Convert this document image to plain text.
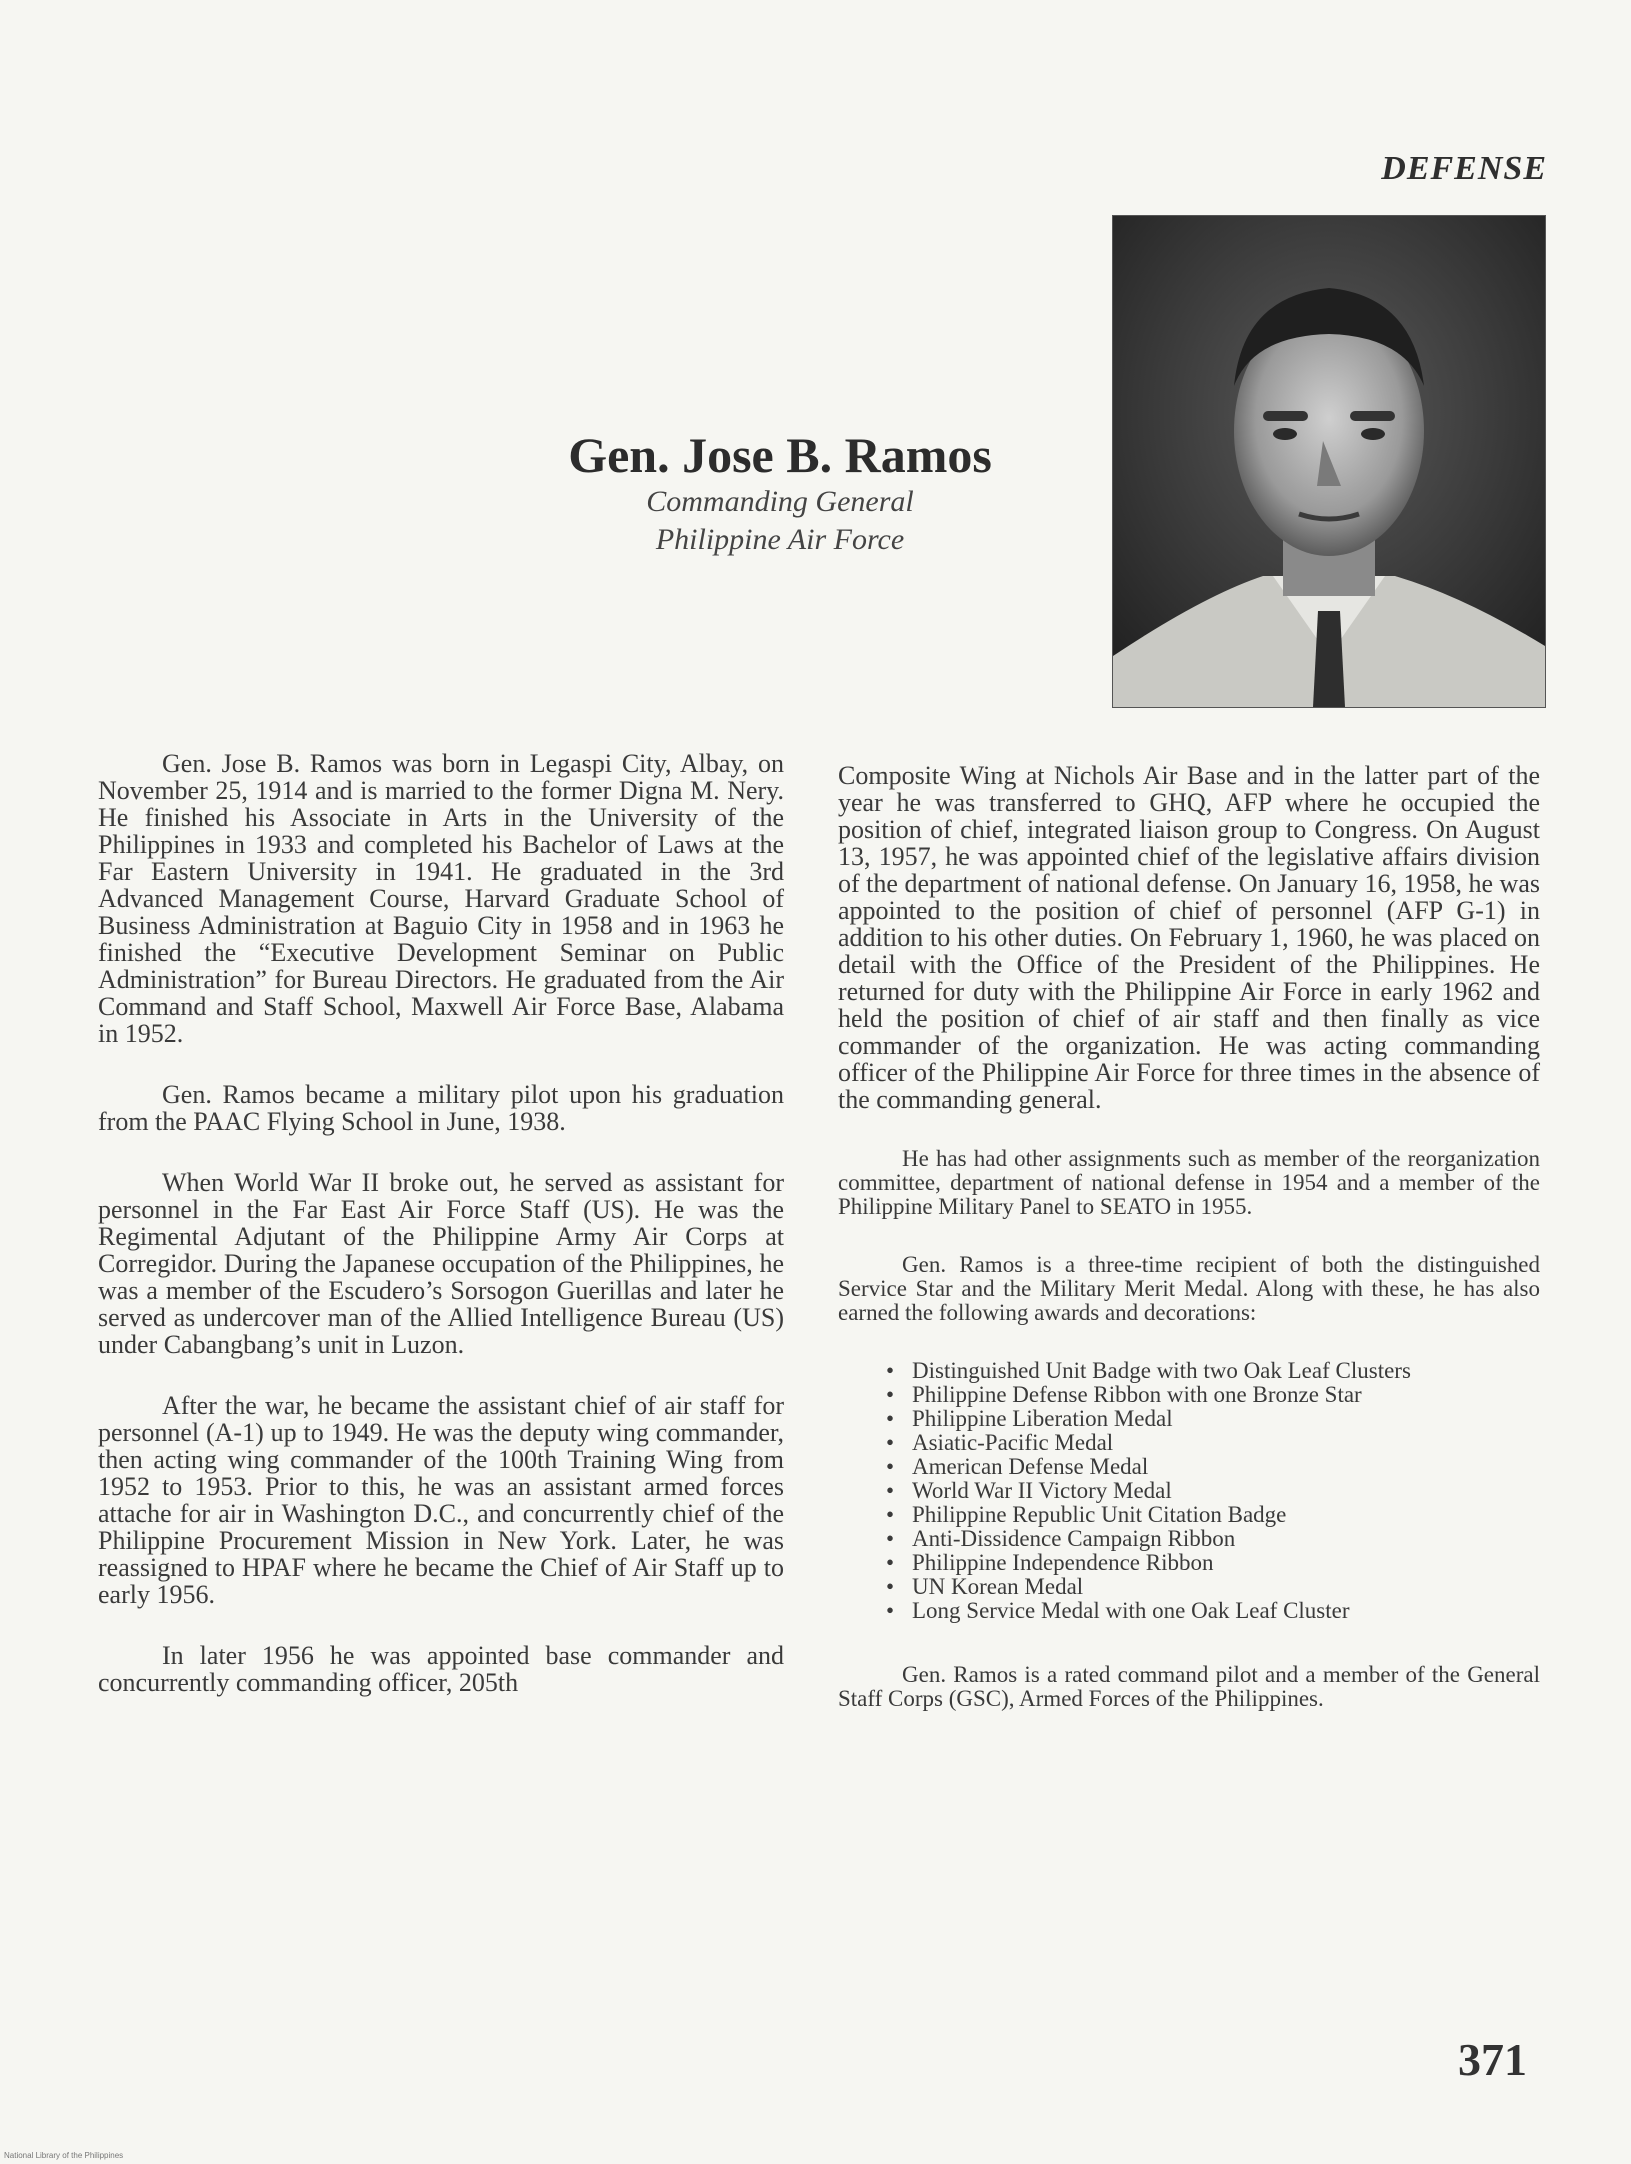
DEFENSE
Gen. Jose B. Ramos
Commanding General
Philippine Air Force

Gen. Jose B. Ramos was born in Legaspi City, Albay, on November 25, 1914 and is married to the former Digna M. Nery. He finished his Associate in Arts in the University of the Philippines in 1933 and completed his Bachelor of Laws at the Far Eastern University in 1941. He graduated in the 3rd Advanced Management Course, Harvard Graduate School of Business Administration at Baguio City in 1958 and in 1963 he finished the “Executive Development Seminar on Public Administration” for Bureau Directors. He graduated from the Air Command and Staff School, Maxwell Air Force Base, Alabama in 1952.

Gen. Ramos became a military pilot upon his graduation from the PAAC Flying School in June, 1938.

When World War II broke out, he served as assistant for personnel in the Far East Air Force Staff (US). He was the Regimental Adjutant of the Philippine Army Air Corps at Corregidor. During the Japanese occupation of the Philippines, he was a member of the Escudero’s Sorsogon Guerillas and later he served as undercover man of the Allied Intelligence Bureau (US) under Cabangbang’s unit in Luzon.

After the war, he became the assistant chief of air staff for personnel (A-1) up to 1949. He was the deputy wing commander, then acting wing commander of the 100th Training Wing from 1952 to 1953. Prior to this, he was an assistant armed forces attache for air in Washington D.C., and concurrently chief of the Philippine Procurement Mission in New York. Later, he was reassigned to HPAF where he became the Chief of Air Staff up to early 1956.

In later 1956 he was appointed base commander and concurrently commanding officer, 205th

Composite Wing at Nichols Air Base and in the latter part of the year he was transferred to GHQ, AFP where he occupied the position of chief, integrated liaison group to Congress. On August 13, 1957, he was appointed chief of the legislative affairs division of the department of national defense. On January 16, 1958, he was appointed to the position of chief of personnel (AFP G-1) in addition to his other duties. On February 1, 1960, he was placed on detail with the Office of the President of the Philippines. He returned for duty with the Philippine Air Force in early 1962 and held the position of chief of air staff and then finally as vice commander of the organization. He was acting commanding officer of the Philippine Air Force for three times in the absence of the commanding general.

He has had other assignments such as member of the reorganization committee, department of national defense in 1954 and a member of the Philippine Military Panel to SEATO in 1955.

Gen. Ramos is a three-time recipient of both the distinguished Service Star and the Military Merit Medal. Along with these, he has also earned the following awards and decorations:

• Distinguished Unit Badge with two Oak Leaf Clusters
• Philippine Defense Ribbon with one Bronze Star
• Philippine Liberation Medal
• Asiatic-Pacific Medal
• American Defense Medal
• World War II Victory Medal
• Philippine Republic Unit Citation Badge
• Anti-Dissidence Campaign Ribbon
• Philippine Independence Ribbon
• UN Korean Medal
• Long Service Medal with one Oak Leaf Cluster

Gen. Ramos is a rated command pilot and a member of the General Staff Corps (GSC), Armed Forces of the Philippines.

371
National Library of the Philippines
